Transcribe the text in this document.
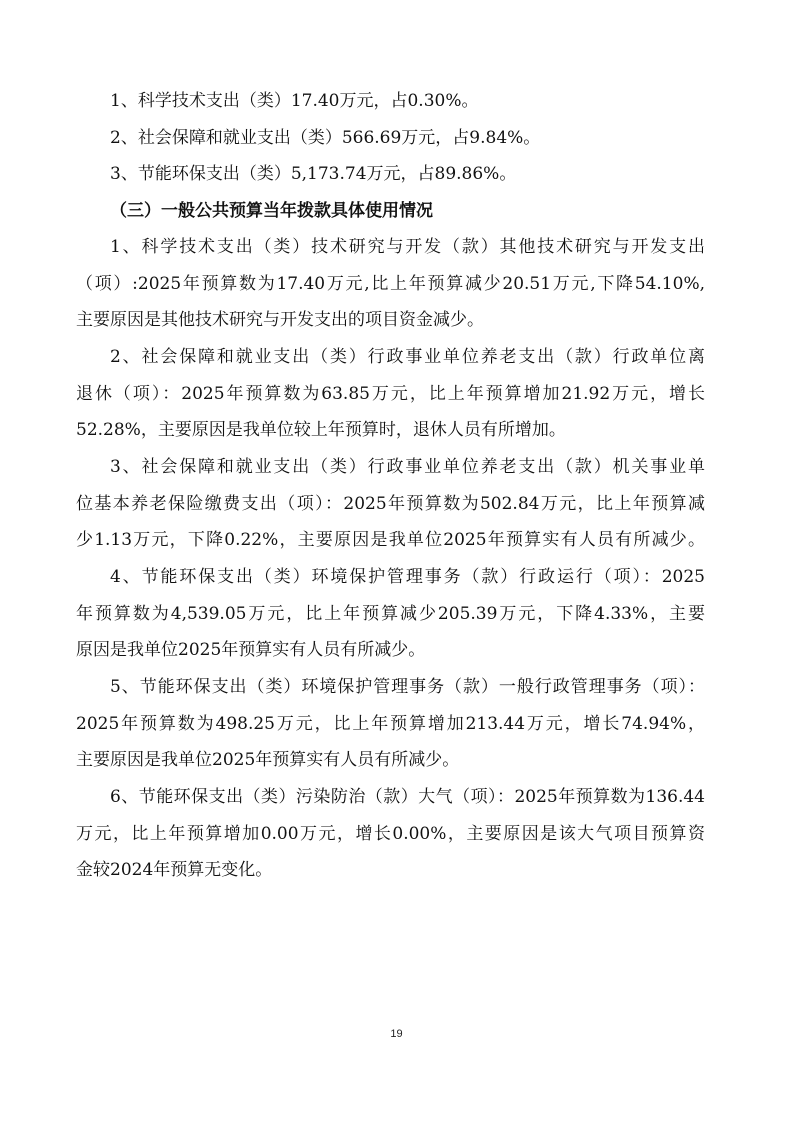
1、科学技术支出（类）17.40万元，占0.30%。
2、社会保障和就业支出（类）566.69万元，占9.84%。
3、节能环保支出（类）5,173.74万元，占89.86%。
（三）一般公共预算当年拨款具体使用情况
1、科学技术支出（类）技术研究与开发（款）其他技术研究与开发支出
（项）:2025年预算数为17.40万元,比上年预算减少20.51万元,下降54.10%,
主要原因是其他技术研究与开发支出的项目资金减少。
2、社会保障和就业支出（类）行政事业单位养老支出（款）行政单位离
退休（项）：2025年预算数为63.85万元，比上年预算增加21.92万元，增长
52.28%，主要原因是我单位较上年预算时，退休人员有所增加。
3、社会保障和就业支出（类）行政事业单位养老支出（款）机关事业单
位基本养老保险缴费支出（项）：2025年预算数为502.84万元，比上年预算减
少1.13万元，下降0.22%，主要原因是我单位2025年预算实有人员有所减少。
4、节能环保支出（类）环境保护管理事务（款）行政运行（项）：2025
年预算数为4,539.05万元，比上年预算减少205.39万元，下降4.33%，主要
原因是我单位2025年预算实有人员有所减少。
5、节能环保支出（类）环境保护管理事务（款）一般行政管理事务（项）：
2025年预算数为498.25万元，比上年预算增加213.44万元，增长74.94%，
主要原因是我单位2025年预算实有人员有所减少。
6、节能环保支出（类）污染防治（款）大气（项）：2025年预算数为136.44
万元，比上年预算增加0.00万元，增长0.00%，主要原因是该大气项目预算资
金较2024年预算无变化。
19
